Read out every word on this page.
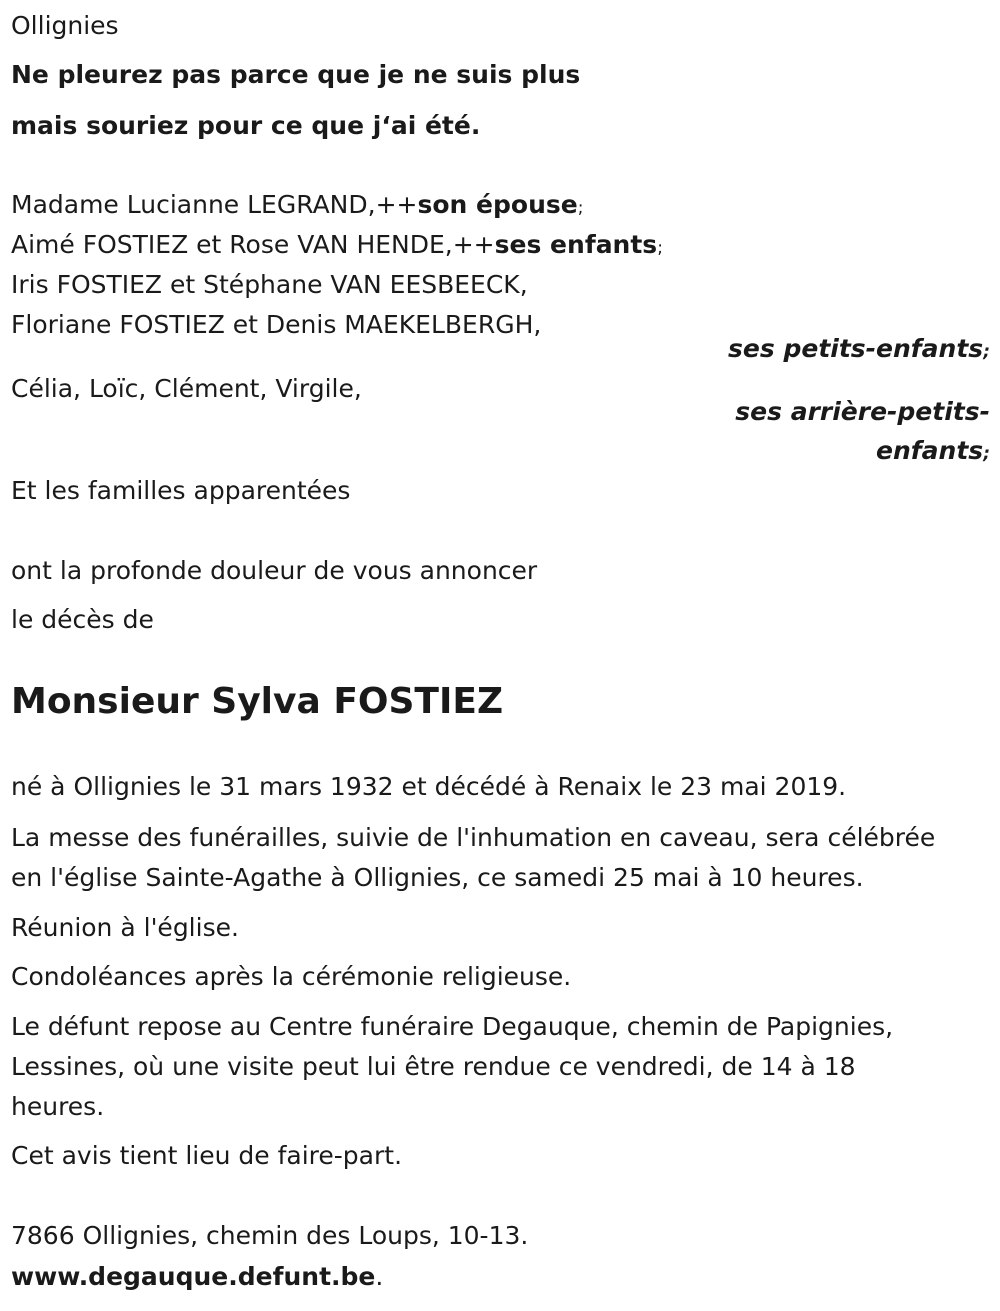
Ollignies
Ne pleurez pas parce que je ne suis plus
mais souriez pour ce que j‘ai été.
Madame Lucianne LEGRAND,++son épouse;
Aimé FOSTIEZ et Rose VAN HENDE,++ses enfants;
Iris FOSTIEZ et Stéphane VAN EESBEECK,
Floriane FOSTIEZ et Denis MAEKELBERGH,
ses petits-enfants;
Célia, Loïc, Clément, Virgile,
ses arrière-petits-
enfants;
Et les familles apparentées
ont la profonde douleur de vous annoncer
le décès de
Monsieur Sylva FOSTIEZ
né à Ollignies le 31 mars 1932 et décédé à Renaix le 23 mai 2019.
La messe des funérailles, suivie de l'inhumation en caveau, sera célébrée
en l'église Sainte-Agathe à Ollignies, ce samedi 25 mai à 10 heures.
Réunion à l'église.
Condoléances après la cérémonie religieuse.
Le défunt repose au Centre funéraire Degauque, chemin de Papignies,
Lessines, où une visite peut lui être rendue ce vendredi, de 14 à 18
heures.
Cet avis tient lieu de faire-part.
7866 Ollignies, chemin des Loups, 10-13.
www.degauque.defunt.be.
